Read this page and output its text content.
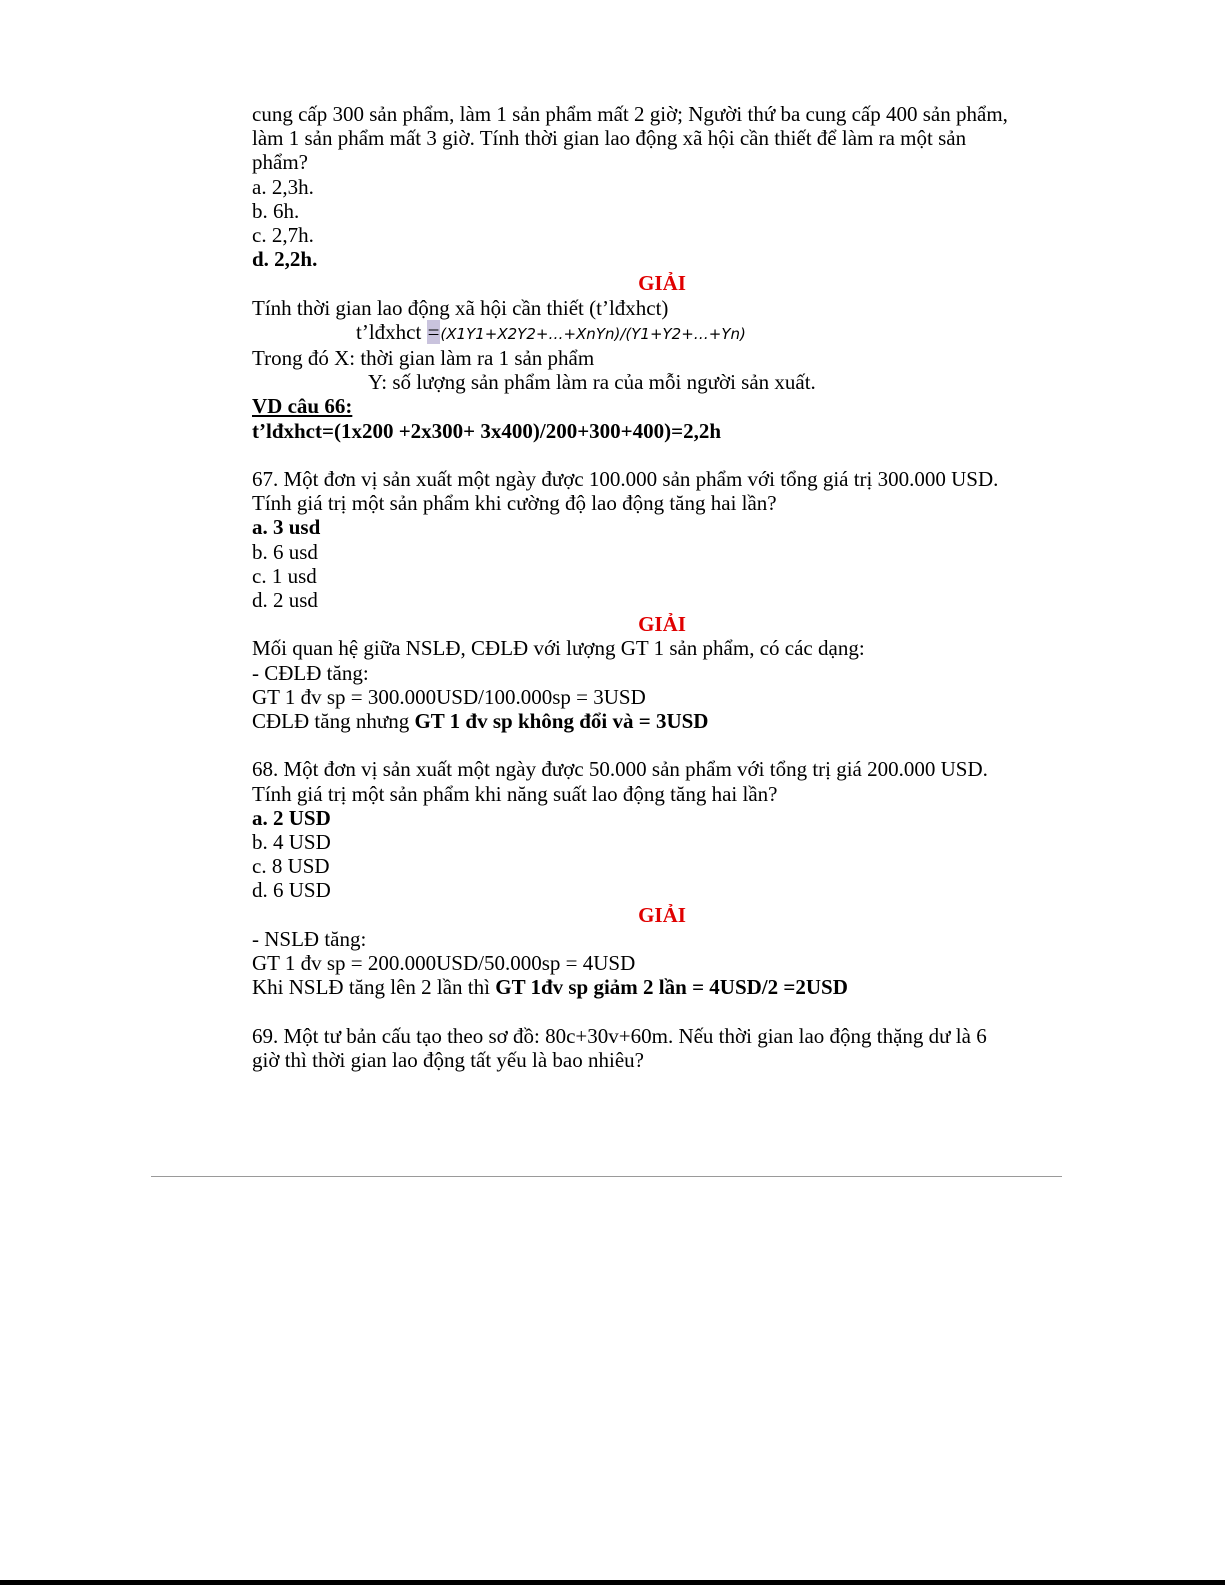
cung cấp 300 sản phẩm, làm 1 sản phẩm mất 2 giờ; Người thứ ba cung cấp 400 sản phẩm,
làm 1 sản phẩm mất 3 giờ. Tính thời gian lao động xã hội cần thiết để làm ra một sản
phẩm?
a. 2,3h.
b. 6h.
c. 2,7h.
d. 2,2h.
GIẢI
Tính thời gian lao động xã hội cần thiết (t’lđxhct)
t’lđxhct =(X1Y1+X2Y2+…+XnYn)/(Y1+Y2+…+Yn)
Trong đó X: thời gian làm ra 1 sản phẩm
Y: số lượng sản phẩm làm ra của mỗi người sản xuất.
VD câu 66:
t’lđxhct=(1x200 +2x300+ 3x400)/200+300+400)=2,2h
67. Một đơn vị sản xuất một ngày được 100.000 sản phẩm với tổng giá trị 300.000 USD.
Tính giá trị một sản phẩm khi cường độ lao động tăng hai lần?
a. 3 usd
b. 6 usd
c. 1 usd
d. 2 usd
GIẢI
Mối quan hệ giữa NSLĐ, CĐLĐ với lượng GT 1 sản phẩm, có các dạng:
- CĐLĐ tăng:
GT 1 đv sp = 300.000USD/100.000sp = 3USD
CĐLĐ tăng nhưng GT 1 đv sp không đổi và = 3USD
68. Một đơn vị sản xuất một ngày được 50.000 sản phẩm với tổng trị giá 200.000 USD.
Tính giá trị một sản phẩm khi năng suất lao động tăng hai lần?
a. 2 USD
b. 4 USD
c. 8 USD
d. 6 USD
GIẢI
- NSLĐ tăng:
GT 1 đv sp = 200.000USD/50.000sp = 4USD
Khi NSLĐ tăng lên 2 lần thì GT 1đv sp giảm 2 lần = 4USD/2 =2USD
69. Một tư bản cấu tạo theo sơ đồ: 80c+30v+60m. Nếu thời gian lao động thặng dư là 6
giờ thì thời gian lao động tất yếu là bao nhiêu?
